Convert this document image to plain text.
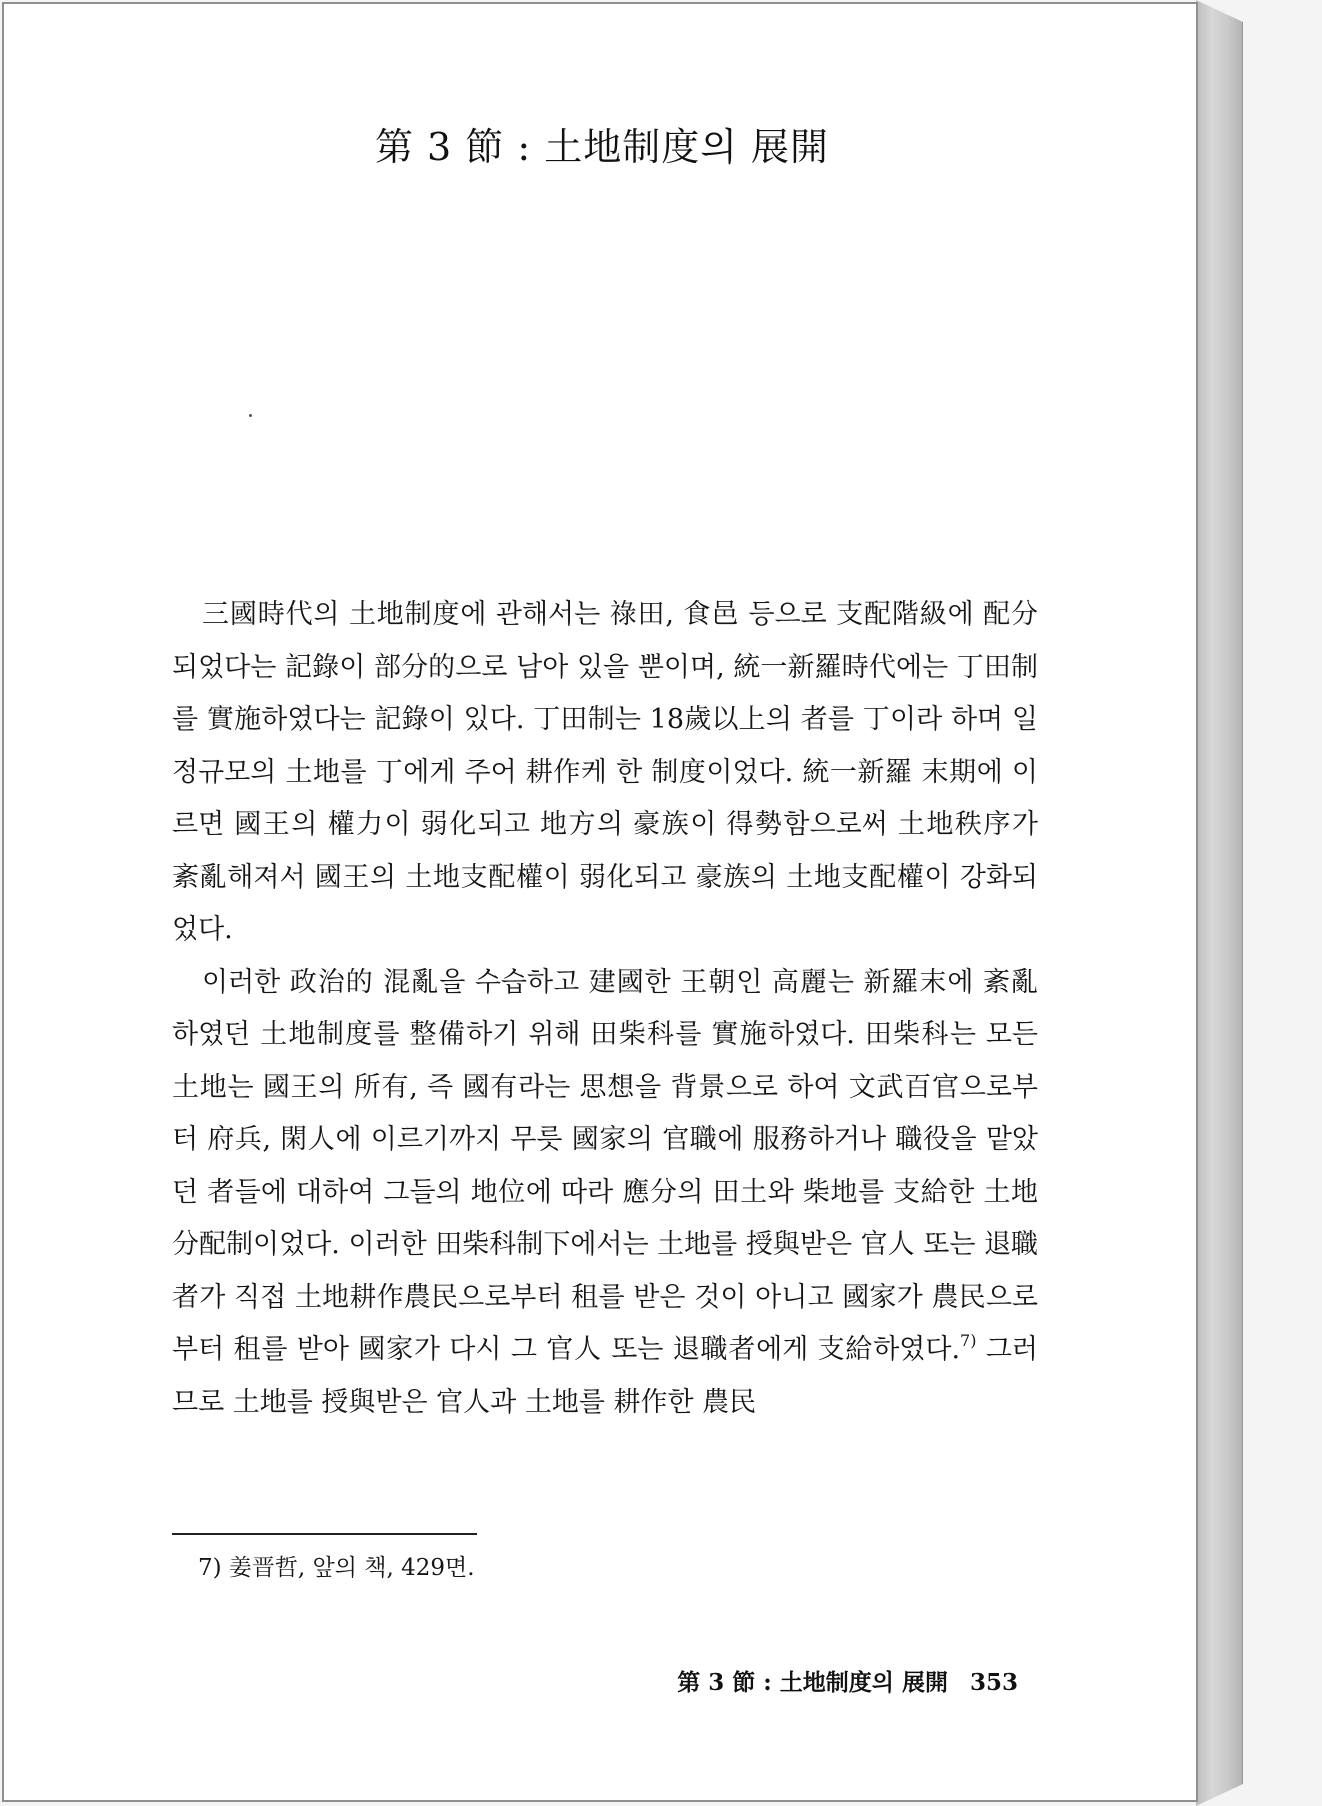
第 3 節 : 土地制度의 展開

三國時代의 土地制度에 관해서는 祿田, 食邑 등으로 支配階級에 配分되었다는 記錄이 部分的으로 남아 있을 뿐이며, 統一新羅時代에는 丁田制를 實施하였다는 記錄이 있다. 丁田制는 18歲以上의 者를 丁이라 하며 일정규모의 土地를 丁에게 주어 耕作케 한 制度이었다. 統一新羅 末期에 이르면 國王의 權力이 弱化되고 地方의 豪族이 得勢함으로써 土地秩序가 紊亂해져서 國王의 土地支配權이 弱化되고 豪族의 土地支配權이 강화되었다.

이러한 政治的 混亂을 수습하고 建國한 王朝인 高麗는 新羅末에 紊亂하였던 土地制度를 整備하기 위해 田柴科를 實施하였다. 田柴科는 모든 土地는 國王의 所有, 즉 國有라는 思想을 背景으로 하여 文武百官으로부터 府兵, 閑人에 이르기까지 무릇 國家의 官職에 服務하거나 職役을 맡았던 者들에 대하여 그들의 地位에 따라 應分의 田土와 柴地를 支給한 土地分配制이었다. 이러한 田柴科制下에서는 土地를 授與받은 官人 또는 退職者가 직접 土地耕作農民으로부터 租를 받은 것이 아니고 國家가 農民으로부터 租를 받아 國家가 다시 그 官人 또는 退職者에게 支給하였다.$^{7)}$ 그러므로 土地를 授與받은 官人과 土地를 耕作한 農民

7) 姜晋哲, 앞의 책, 429면.
第 3 節 : 土地制度의 展開 353
